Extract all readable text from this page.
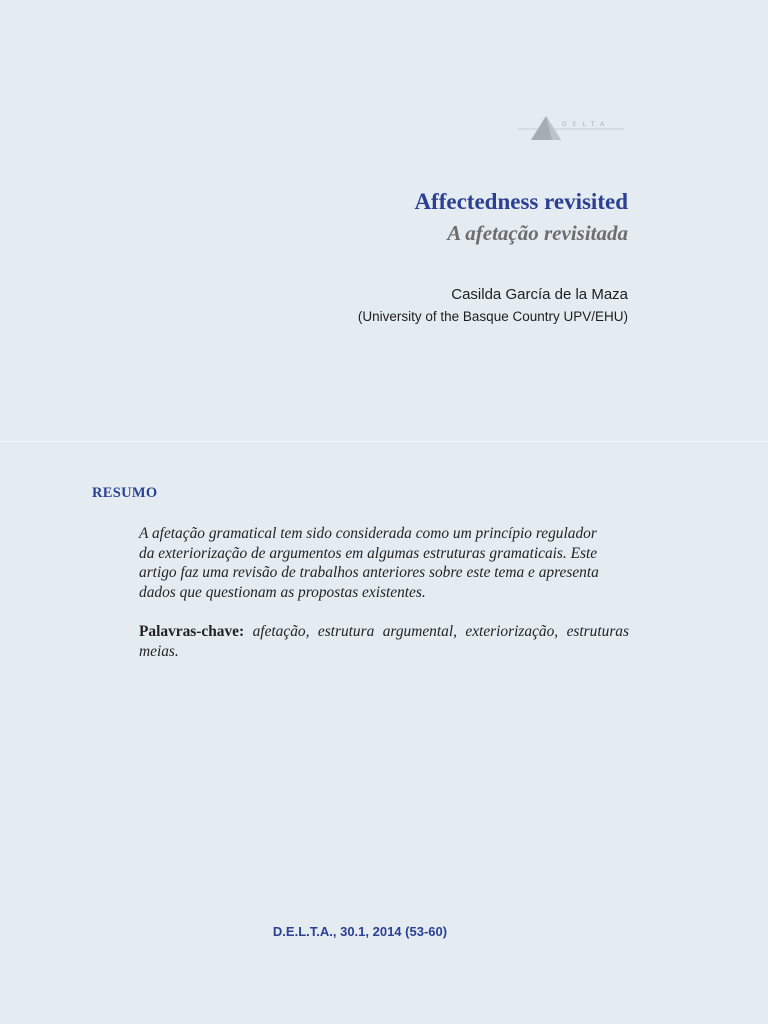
DELTA
Affectedness revisited
A afetação revisitada
Casilda García de la Maza
(University of the Basque Country UPV/EHU)
RESUMO

A afetação gramatical tem sido considerada como um princípio regulador
da exteriorização de argumentos em algumas estruturas gramaticais. Este
artigo faz uma revisão de trabalhos anteriores sobre este tema e apresenta
dados que questionam as propostas existentes.

Palavras-chave: afetação, estrutura argumental, exteriorização, estruturas meias.

D.E.L.T.A., 30.1, 2014 (53-60)
